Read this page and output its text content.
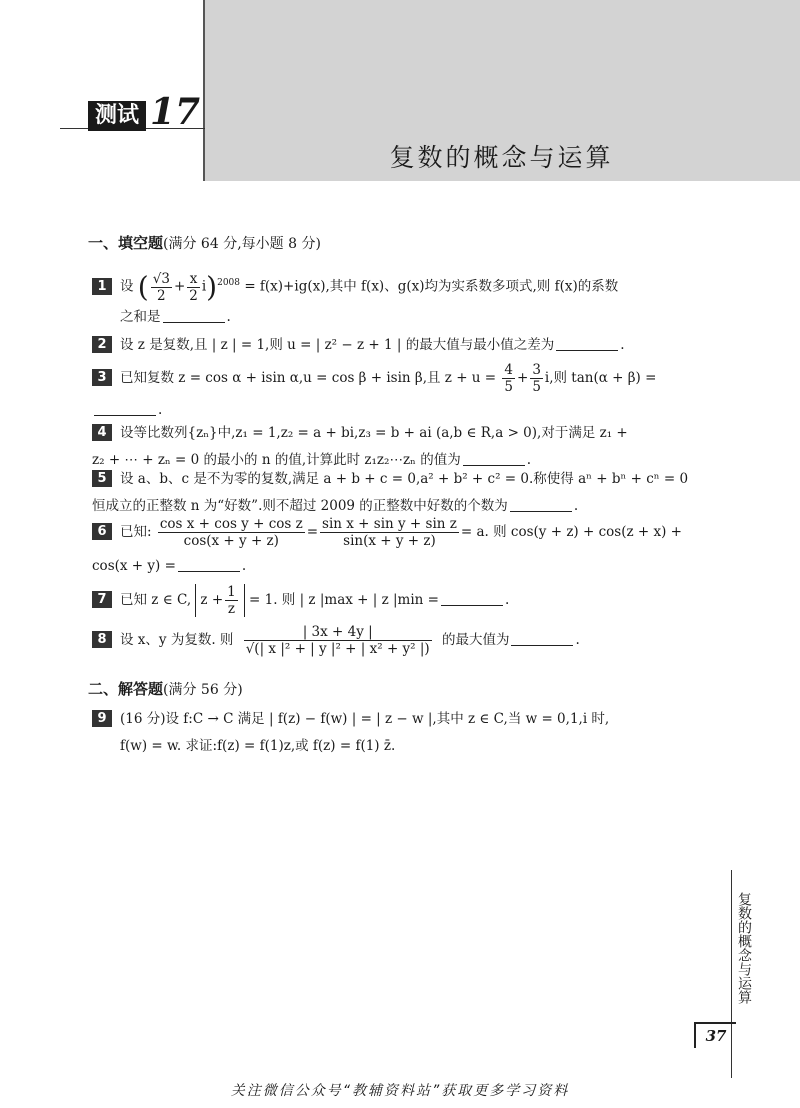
测试 17
复数的概念与运算
一、填空题(满分 64 分,每小题 8 分)
1 设 ( $\frac{√3}{2} + \frac{x}{2} i)^{2008} = f(x)+ig(x)$,其中 f(x)、g(x)均为实系数多项式,则 f(x)的系数
之和是	.
2 设 z 是复数,且 | z | = 1,则 u = | z² − z + 1 | 的最大值与最小值之差为	.
3 已知复数 z = cos α + isin α,u = cos β + isin β,且 $z + u = \frac{4}{5} + \frac{3}{5} i$,则 tan(α + β) =
.
4 设等比数列{zₙ}中,z₁ = 1,z₂ = a + bi,z₃ = b + ai (a,b ∈ R,a > 0),对于满足 z₁ +
z₂ + ⋯ + zₙ = 0 的最小的 n 的值,计算此时 z₁z₂⋯zₙ 的值为	.
5 设 a、b、c 是不为零的复数,满足 a + b + c = 0,a² + b² + c² = 0.称使得 aⁿ + bⁿ + cⁿ = 0
恒成立的正整数 n 为“好数”.则不超过 2009 的正整数中好数的个数为	.
6 已知: $\frac{\text{cos x + cos y + cos z}}{\cos(x + y + z)} = \frac{\text{sin x + sin y + sin z}}{\sin(x + y + z)} = a$. 则 cos(y + z) + cos(z + x) +
cos(x + y) =	.
7 已知 z ∈ C, $z + \frac{1}{z} = 1$. 则 | z |max + | z |min =	.
8 设 x、y 为复数. 则 $\frac{| 3x + 4y |}{\text{√(| x |² + | y |² + | x² + y² |)}}$ 的最大值为	.
二、解答题(满分 56 分)
9 (16 分)设 f:C → C 满足 | f(z) − f(w) | = | z − w |,其中 z ∈ C,当 w = 0,1,i 时,
f(w) = w. 求证:f(z) = f(1)z,或 f(z) = f(1) z̄.
复数的概念与运算
37
关注微信公众号“教辅资料站”获取更多学习资料
